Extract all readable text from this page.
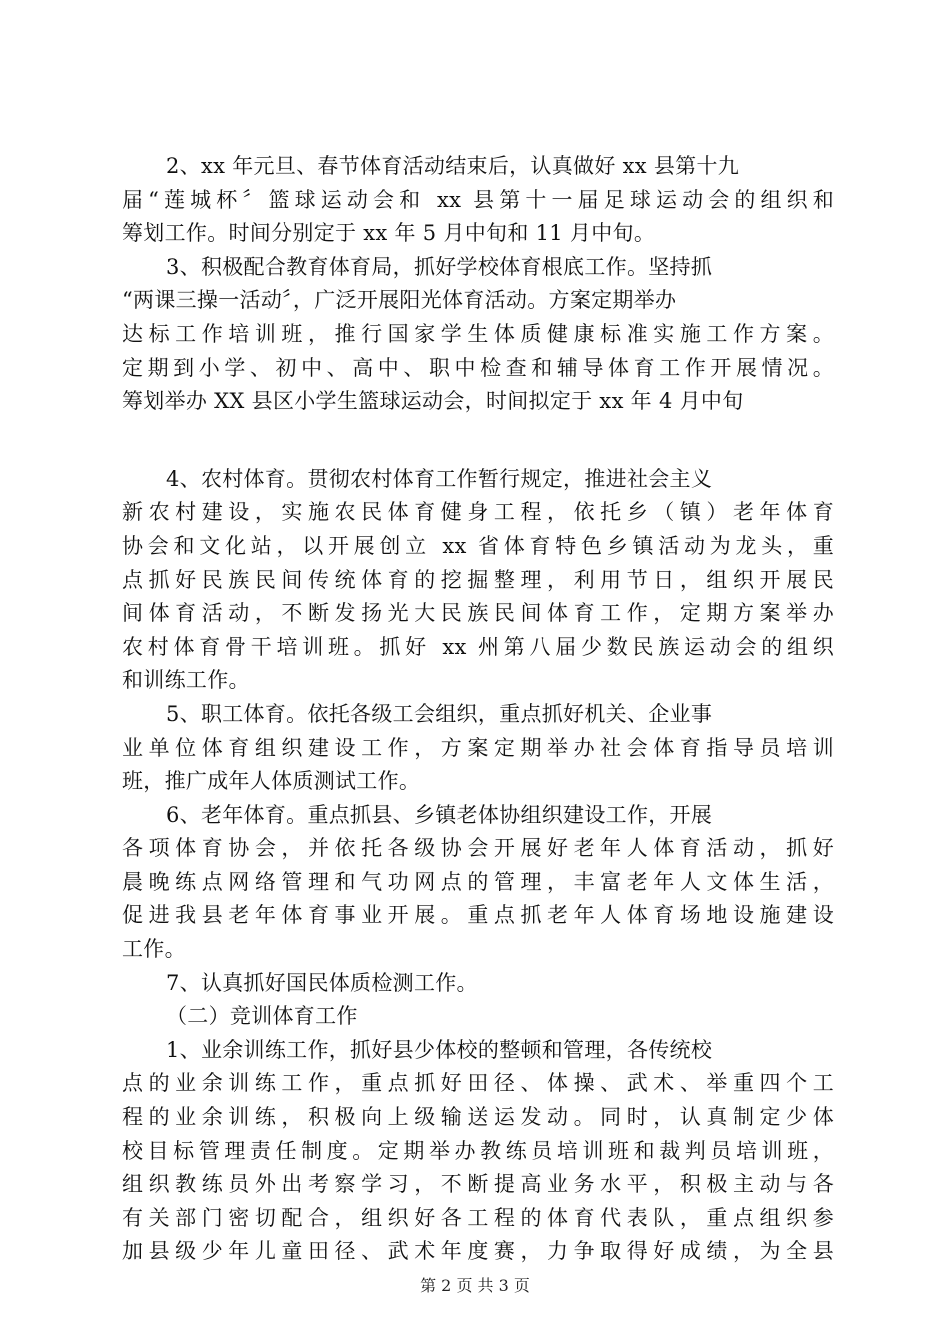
2、xx 年元旦、春节体育活动结束后，认真做好 xx 县第十九
届“莲城杯〞篮球运动会和 xx 县第十一届足球运动会的组织和
筹划工作。时间分别定于 xx 年 5 月中旬和 11 月中旬。
3、积极配合教育体育局，抓好学校体育根底工作。坚持抓
“两课三操一活动〞，广泛开展阳光体育活动。方案定期举办
达标工作培训班，推行国家学生体质健康标准实施工作方案。
定期到小学、初中、高中、职中检查和辅导体育工作开展情况。
筹划举办 XX 县区小学生篮球运动会，时间拟定于 xx 年 4 月中旬
4、农村体育。贯彻农村体育工作暂行规定，推进社会主义
新农村建设，实施农民体育健身工程，依托乡（镇）老年体育
协会和文化站，以开展创立 xx 省体育特色乡镇活动为龙头，重
点抓好民族民间传统体育的挖掘整理，利用节日，组织开展民
间体育活动，不断发扬光大民族民间体育工作，定期方案举办
农村体育骨干培训班。抓好 xx 州第八届少数民族运动会的组织
和训练工作。
5、职工体育。依托各级工会组织，重点抓好机关、企业事
业单位体育组织建设工作，方案定期举办社会体育指导员培训
班，推广成年人体质测试工作。
6、老年体育。重点抓县、乡镇老体协组织建设工作，开展
各项体育协会，并依托各级协会开展好老年人体育活动，抓好
晨晚练点网络管理和气功网点的管理，丰富老年人文体生活，
促进我县老年体育事业开展。重点抓老年人体育场地设施建设
工作。
7、认真抓好国民体质检测工作。
（二）竞训体育工作
1、业余训练工作，抓好县少体校的整顿和管理，各传统校
点的业余训练工作，重点抓好田径、体操、武术、举重四个工
程的业余训练，积极向上级输送运发动。同时，认真制定少体
校目标管理责任制度。定期举办教练员培训班和裁判员培训班，
组织教练员外出考察学习，不断提高业务水平，积极主动与各
有关部门密切配合，组织好各工程的体育代表队，重点组织参
加县级少年儿童田径、武术年度赛，力争取得好成绩，为全县
第 2 页 共 3 页
